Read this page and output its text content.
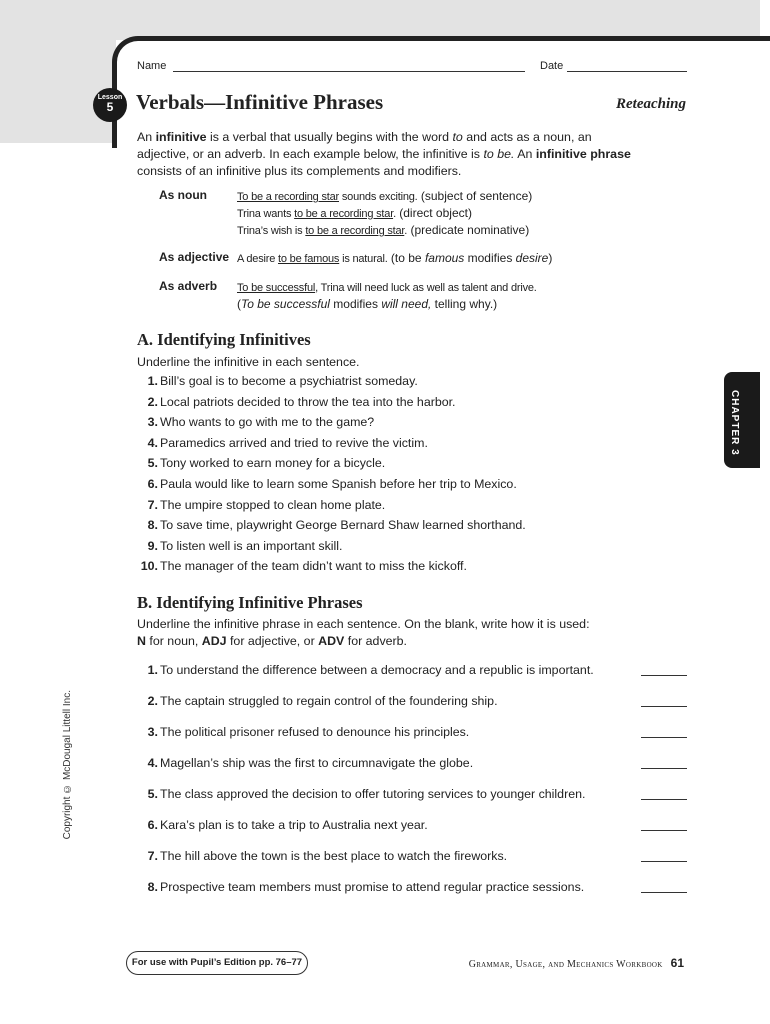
Name	Date
Lesson
5	Verbals—Infinitive Phrases	Reteaching
An infinitive is a verbal that usually begins with the word to and acts as a noun, an adjective, or an adverb. In each example below, the infinitive is to be. An infinitive phrase consists of an infinitive plus its complements and modifiers.
As noun	To be a recording star sounds exciting. (subject of sentence)
Trina wants to be a recording star. (direct object)
Trina’s wish is to be a recording star. (predicate nominative)
As adjective A desire to be famous is natural. (to be famous modifies desire)
As adverb To be successful, Trina will need luck as well as talent and drive.
(To be successful modifies will need, telling why.)
A. Identifying Infinitives
Underline the infinitive in each sentence.
1. Bill’s goal is to become a psychiatrist someday.
2. Local patriots decided to throw the tea into the harbor.
3. Who wants to go with me to the game?
4. Paramedics arrived and tried to revive the victim.
5. Tony worked to earn money for a bicycle.
6. Paula would like to learn some Spanish before her trip to Mexico.
7. The umpire stopped to clean home plate.
8. To save time, playwright George Bernard Shaw learned shorthand.
9. To listen well is an important skill.
10. The manager of the team didn’t want to miss the kickoff.
B. Identifying Infinitive Phrases
Underline the infinitive phrase in each sentence. On the blank, write how it is used:
N for noun, ADJ for adjective, or ADV for adverb.
1. To understand the difference between a democracy and a republic is important.
2. The captain struggled to regain control of the foundering ship.
3. The political prisoner refused to denounce his principles.
4. Magellan’s ship was the first to circumnavigate the globe.
5. The class approved the decision to offer tutoring services to younger children.
6. Kara’s plan is to take a trip to Australia next year.
7. The hill above the town is the best place to watch the fireworks.
8. Prospective team members must promise to attend regular practice sessions.
CHAPTER 3
Copyright © McDougal Littell Inc.
For use with Pupil’s Edition pp. 76–77	Grammar, Usage, and Mechanics Workbook 61
